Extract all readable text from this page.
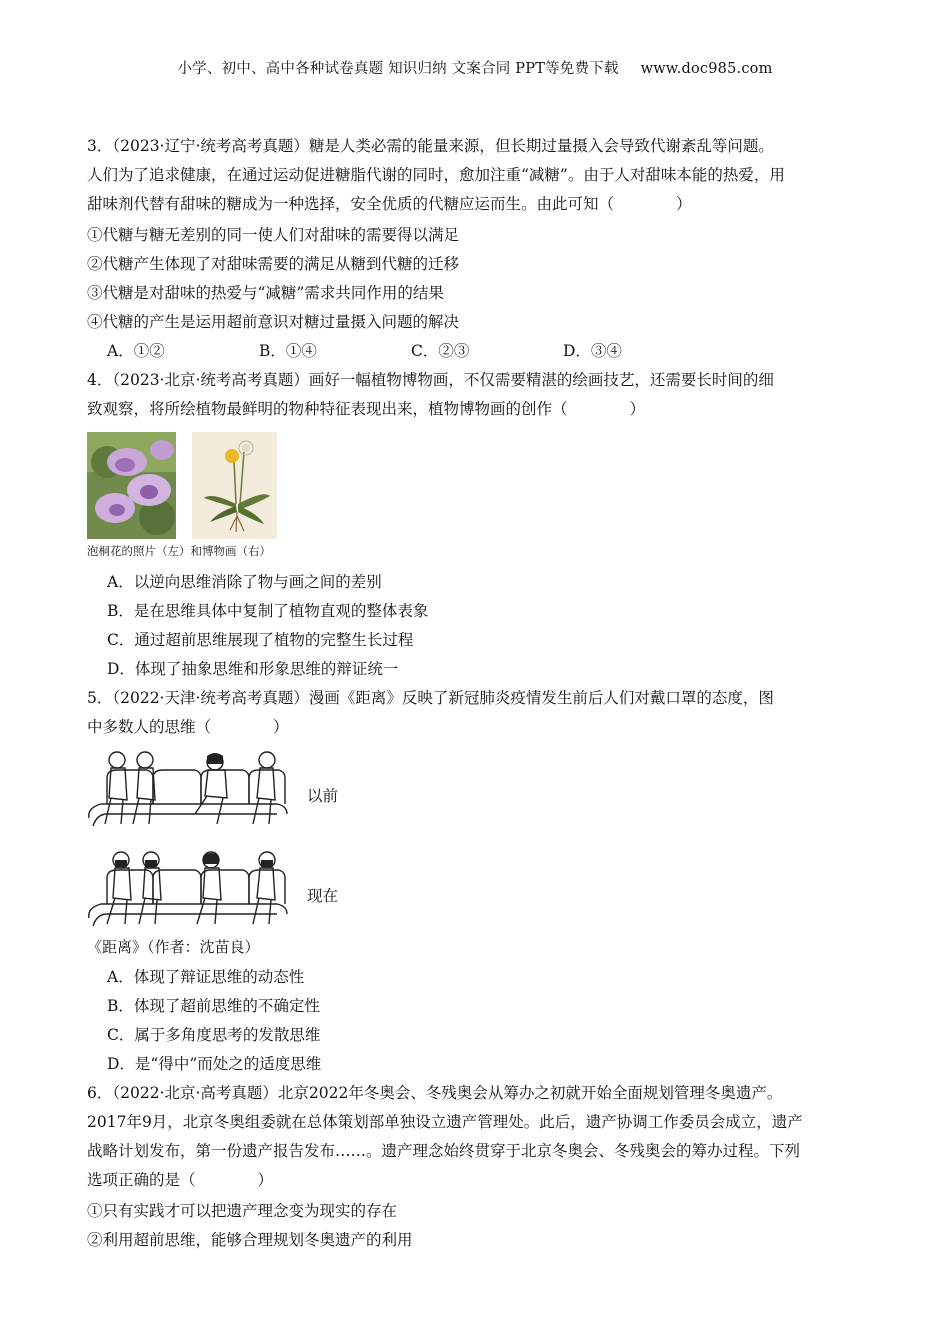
小学、初中、高中各种试卷真题 知识归纳 文案合同 PPT等免费下载 www.doc985.com
3．（2023·辽宁·统考高考真题）糖是人类必需的能量来源，但长期过量摄入会导致代谢紊乱等问题。
人们为了追求健康，在通过运动促进糖脂代谢的同时，愈加注重“减糖”。由于人对甜味本能的热爱，用
甜味剂代替有甜味的糖成为一种选择，安全优质的代糖应运而生。由此可知（　　　　）
①代糖与糖无差别的同一使人们对甜味的需要得以满足
②代糖产生体现了对甜味需要的满足从糖到代糖的迁移
③代糖是对甜味的热爱与“减糖”需求共同作用的结果
④代糖的产生是运用超前意识对糖过量摄入问题的解决
A．①②	B．①④	C．②③	D．③④
4．（2023·北京·统考高考真题）画好一幅植物博物画，不仅需要精湛的绘画技艺，还需要长时间的细
致观察，将所绘植物最鲜明的物种特征表现出来，植物博物画的创作（　　　　）
泡桐花的照片（左）和博物画（右）
A．以逆向思维消除了物与画之间的差别
B．是在思维具体中复制了植物直观的整体表象
C．通过超前思维展现了植物的完整生长过程
D．体现了抽象思维和形象思维的辩证统一
5．（2022·天津·统考高考真题）漫画《距离》反映了新冠肺炎疫情发生前后人们对戴口罩的态度，图
中多数人的思维（　　　　）
以前
现在
《距离》（作者：沈苗良）
A．体现了辩证思维的动态性
B．体现了超前思维的不确定性
C．属于多角度思考的发散思维
D．是“得中”而处之的适度思维
6．（2022·北京·高考真题）北京2022年冬奥会、冬残奥会从筹办之初就开始全面规划管理冬奥遗产。
2017年9月，北京冬奥组委就在总体策划部单独设立遗产管理处。此后，遗产协调工作委员会成立，遗产
战略计划发布，第一份遗产报告发布……。遗产理念始终贯穿于北京冬奥会、冬残奥会的筹办过程。下列
选项正确的是（　　　　）
①只有实践才可以把遗产理念变为现实的存在
②利用超前思维，能够合理规划冬奥遗产的利用
